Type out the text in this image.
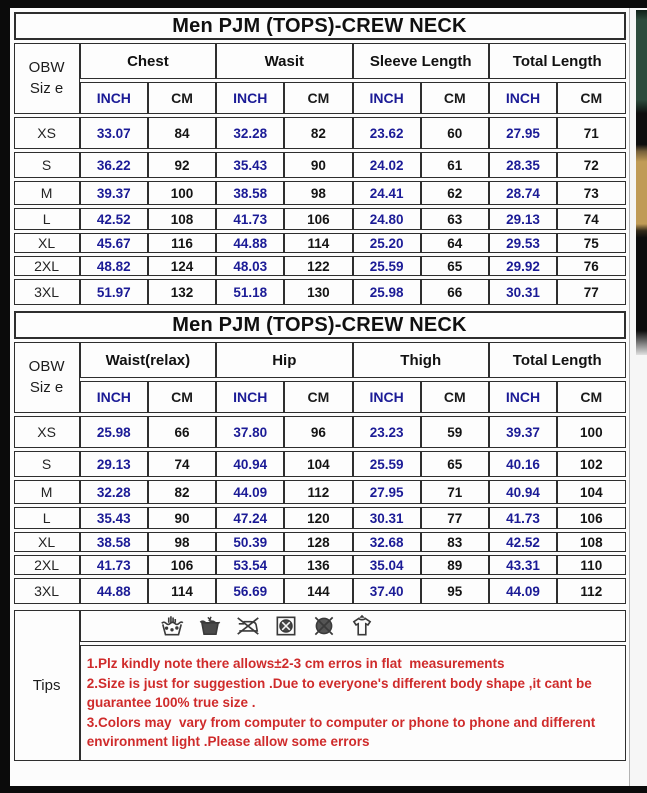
Men PJM (TOPS)-CREW NECK								

OBW
Siz e	Chest		Wasit		Sleeve Length		Total Length	
	INCH	CM	INCH	CM	INCH	CM	INCH	CM
XS	33.07	84	32.28	82	23.62	60	27.95	71
S	36.22	92	35.43	90	24.02	61	28.35	72
M	39.37	100	38.58	98	24.41	62	28.74	73
L	42.52	108	41.73	106	24.80	63	29.13	74
XL	45.67	116	44.88	114	25.20	64	29.53	75
2XL	48.82	124	48.03	122	25.59	65	29.92	76
3XL	51.97	132	51.18	130	25.98	66	30.31	77
Men PJM (TOPS)-CREW NECK								

OBW
Siz e	Waist(relax)		Hip		Thigh		Total Length	
	INCH	CM	INCH	CM	INCH	CM	INCH	CM
XS	25.98	66	37.80	96	23.23	59	39.37	100
S	29.13	74	40.94	104	25.59	65	40.16	102
M	32.28	82	44.09	112	27.95	71	40.94	104
L	35.43	90	47.24	120	30.31	77	41.73	106
XL	38.58	98	50.39	128	32.68	83	42.52	108
2XL	41.73	106	53.54	136	35.04	89	43.31	110
3XL	44.88	114	56.69	144	37.40	95	44.09	112
Tips	

1.Plz kindly note there allows±2-3 cm erros in flat  measurements

2.Size is just for suggestion .Due to everyone's different body shape ,it cant be guarantee 100% true size .

3.Colors may  vary from computer to computer or phone to phone and different environment light .Please allow some errors
